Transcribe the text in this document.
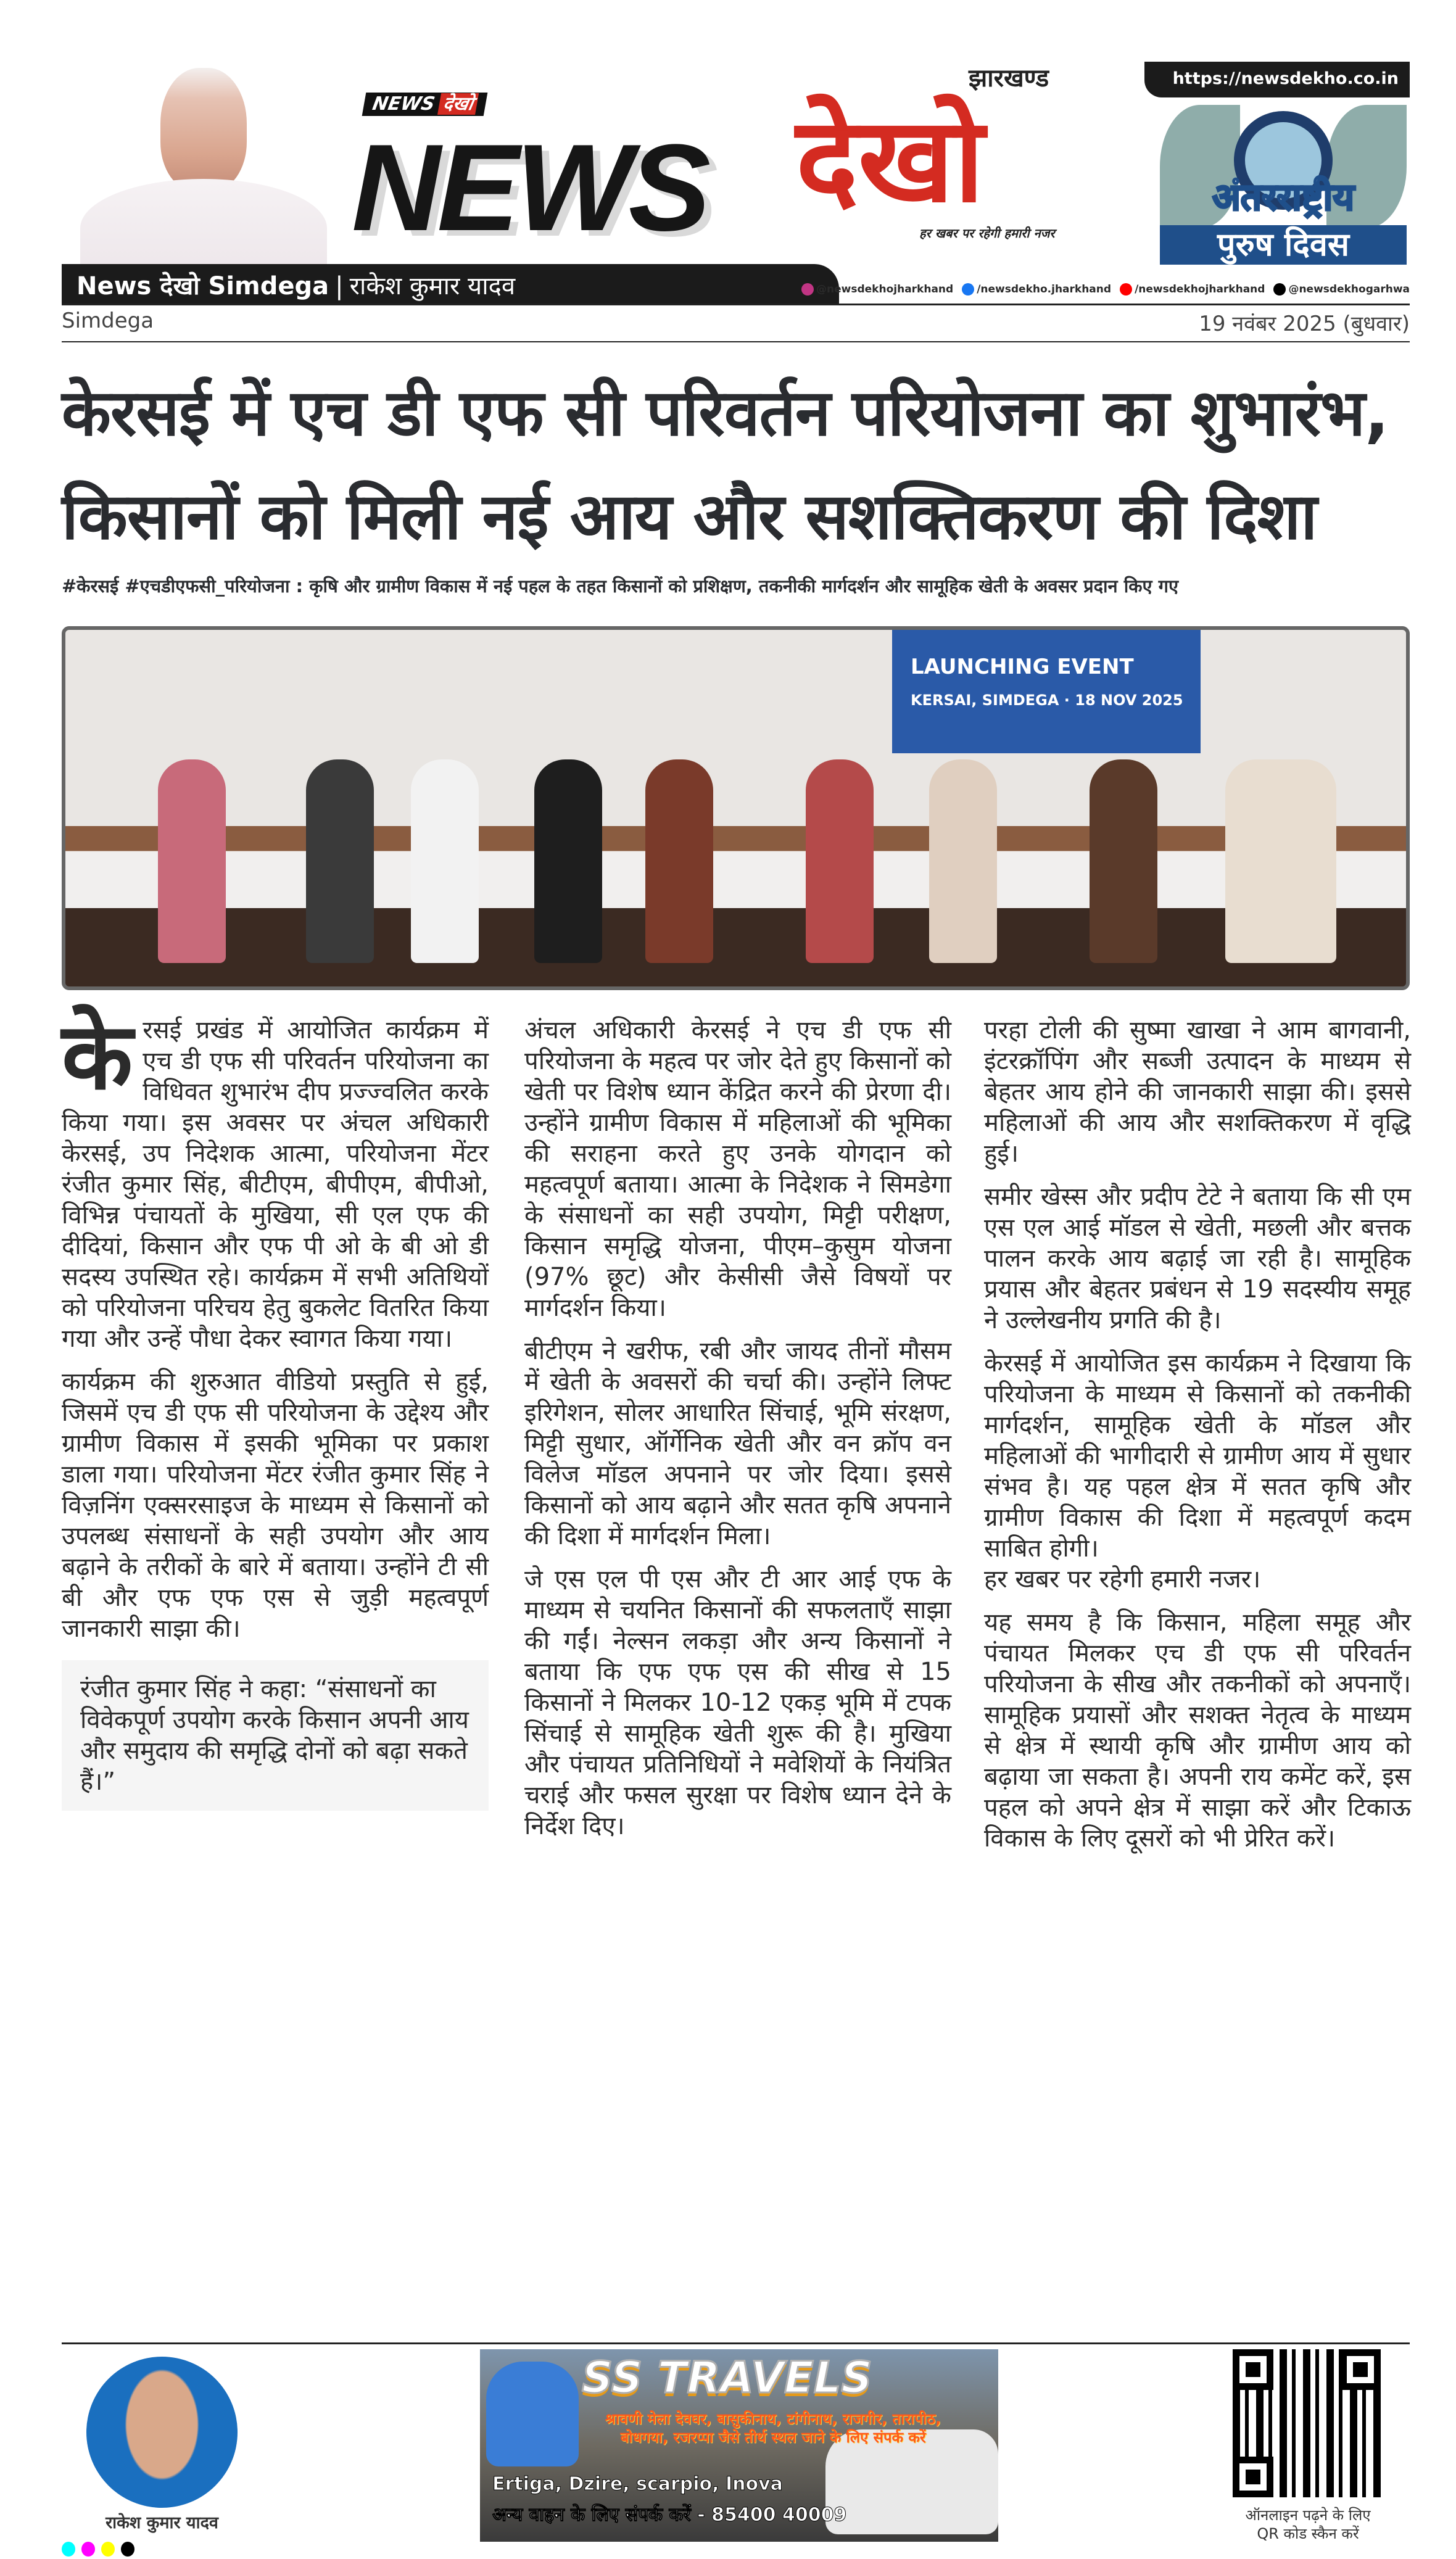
NEWS देखो
NEWS देखो
झारखण्ड
हर खबर पर रहेगी हमारी नजर
https://newsdekho.co.in
अंतरराष्ट्रीय
पुरुष दिवस
News देखो Simdega | राकेश कुमार यादव	@newsdekhojharkhand	/newsdekho.jharkhand	/newsdekhojharkhand	@newsdekhogarhwa
Simdega	19 नवंबर 2025 (बुधवार)
केरसई में एच डी एफ सी परिवर्तन परियोजना का शुभारंभ, किसानों को मिली नई आय और सशक्तिकरण की दिशा
#केरसई #एचडीएफसी_परियोजना : कृषि और ग्रामीण विकास में नई पहल के तहत किसानों को प्रशिक्षण, तकनीकी मार्गदर्शन और सामूहिक खेती के अवसर प्रदान किए गए
LAUNCHING EVENT
KERSAI, SIMDEGA · 18 NOV 2025

केरसई प्रखंड में आयोजित कार्यक्रम में एच डी एफ सी परिवर्तन परियोजना का विधिवत शुभारंभ दीप प्रज्ज्वलित करके किया गया। इस अवसर पर अंचल अधिकारी केरसई, उप निदेशक आत्मा, परियोजना मेंटर रंजीत कुमार सिंह, बीटीएम, बीपीएम, बीपीओ, विभिन्न पंचायतों के मुखिया, सी एल एफ की दीदियां, किसान और एफ पी ओ के बी ओ डी सदस्य उपस्थित रहे। कार्यक्रम में सभी अतिथियों को परियोजना परिचय हेतु बुकलेट वितरित किया गया और उन्हें पौधा देकर स्वागत किया गया।

कार्यक्रम की शुरुआत वीडियो प्रस्तुति से हुई, जिसमें एच डी एफ सी परियोजना के उद्देश्य और ग्रामीण विकास में इसकी भूमिका पर प्रकाश डाला गया। परियोजना मेंटर रंजीत कुमार सिंह ने विज़निंग एक्सरसाइज के माध्यम से किसानों को उपलब्ध संसाधनों के सही उपयोग और आय बढ़ाने के तरीकों के बारे में बताया। उन्होंने टी सी बी और एफ एफ एस से जुड़ी महत्वपूर्ण जानकारी साझा की।

रंजीत कुमार सिंह ने कहा: “संसाधनों का विवेकपूर्ण उपयोग करके किसान अपनी आय और समुदाय की समृद्धि दोनों को बढ़ा सकते हैं।”

अंचल अधिकारी केरसई ने एच डी एफ सी परियोजना के महत्व पर जोर देते हुए किसानों को खेती पर विशेष ध्यान केंद्रित करने की प्रेरणा दी। उन्होंने ग्रामीण विकास में महिलाओं की भूमिका की सराहना करते हुए उनके योगदान को महत्वपूर्ण बताया। आत्मा के निदेशक ने सिमडेगा के संसाधनों का सही उपयोग, मिट्टी परीक्षण, किसान समृद्धि योजना, पीएम–कुसुम योजना (97% छूट) और केसीसी जैसे विषयों पर मार्गदर्शन किया।

बीटीएम ने खरीफ, रबी और जायद तीनों मौसम में खेती के अवसरों की चर्चा की। उन्होंने लिफ्ट इरिगेशन, सोलर आधारित सिंचाई, भूमि संरक्षण, मिट्टी सुधार, ऑर्गेनिक खेती और वन क्रॉप वन विलेज मॉडल अपनाने पर जोर दिया। इससे किसानों को आय बढ़ाने और सतत कृषि अपनाने की दिशा में मार्गदर्शन मिला।

जे एस एल पी एस और टी आर आई एफ के माध्यम से चयनित किसानों की सफलताएँ साझा की गईं। नेल्सन लकड़ा और अन्य किसानों ने बताया कि एफ एफ एस की सीख से 15 किसानों ने मिलकर 10-12 एकड़ भूमि में टपक सिंचाई से सामूहिक खेती शुरू की है। मुखिया और पंचायत प्रतिनिधियों ने मवेशियों के नियंत्रित चराई और फसल सुरक्षा पर विशेष ध्यान देने के निर्देश दिए।

परहा टोली की सुष्मा खाखा ने आम बागवानी, इंटरक्रॉपिंग और सब्जी उत्पादन के माध्यम से बेहतर आय होने की जानकारी साझा की। इससे महिलाओं की आय और सशक्तिकरण में वृद्धि हुई।

समीर खेस्स और प्रदीप टेटे ने बताया कि सी एम एस एल आई मॉडल से खेती, मछली और बत्तक पालन करके आय बढ़ाई जा रही है। सामूहिक प्रयास और बेहतर प्रबंधन से 19 सदस्यीय समूह ने उल्लेखनीय प्रगति की है।

केरसई में आयोजित इस कार्यक्रम ने दिखाया कि परियोजना के माध्यम से किसानों को तकनीकी मार्गदर्शन, सामूहिक खेती के मॉडल और महिलाओं की भागीदारी से ग्रामीण आय में सुधार संभव है। यह पहल क्षेत्र में सतत कृषि और ग्रामीण विकास की दिशा में महत्वपूर्ण कदम साबित होगी।

हर खबर पर रहेगी हमारी नजर।

यह समय है कि किसान, महिला समूह और पंचायत मिलकर एच डी एफ सी परिवर्तन परियोजना के सीख और तकनीकों को अपनाएँ। सामूहिक प्रयासों और सशक्त नेतृत्व के माध्यम से क्षेत्र में स्थायी कृषि और ग्रामीण आय को बढ़ाया जा सकता है। अपनी राय कमेंट करें, इस पहल को अपने क्षेत्र में साझा करें और टिकाऊ विकास के लिए दूसरों को भी प्रेरित करें।

राकेश कुमार यादव
SS TRAVELS
श्रावणी मेला देवघर, बासुकीनाथ, टांगीनाथ, राजगीर, तारापीठ, बोधगया, रजरप्पा जैसे तीर्थ स्थल जाने के लिए संपर्क करें
Ertiga, Dzire, scarpio, Inova
अन्य वाहन के लिए संपर्क करें - 85400 40009	ऑनलाइन पढ़ने के लिए
QR कोड स्कैन करें
